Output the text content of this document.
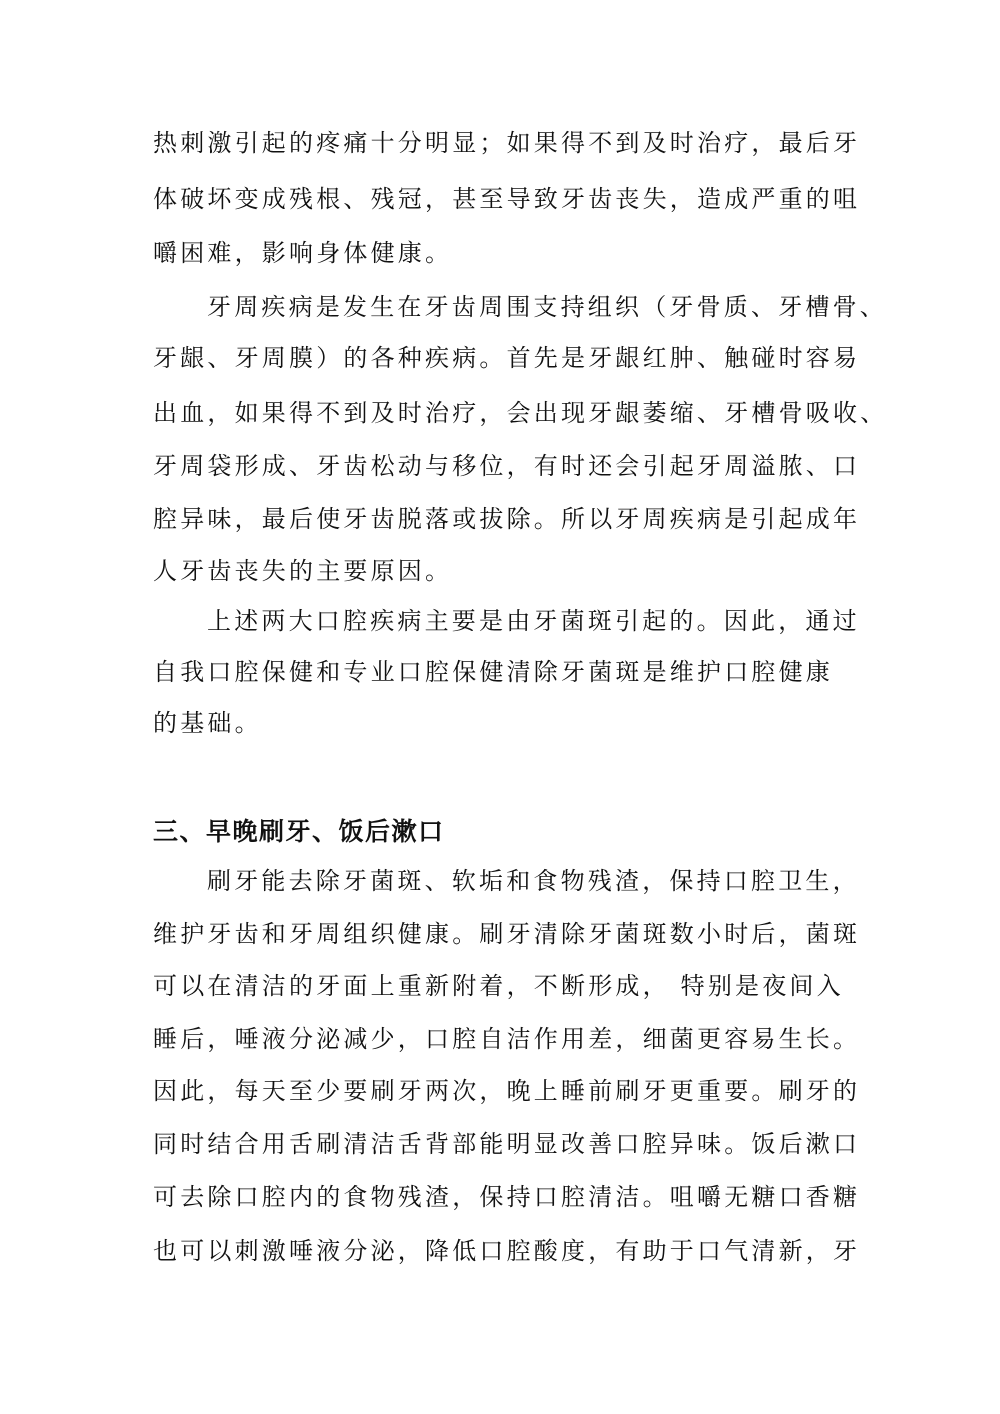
热刺激引起的疼痛十分明显；如果得不到及时治疗，最后牙
体破坏变成残根、残冠，甚至导致牙齿丧失，造成严重的咀
嚼困难，影响身体健康。
牙周疾病是发生在牙齿周围支持组织（牙骨质、牙槽骨、
牙龈、牙周膜）的各种疾病。首先是牙龈红肿、触碰时容易
出血，如果得不到及时治疗，会出现牙龈萎缩、牙槽骨吸收、
牙周袋形成、牙齿松动与移位，有时还会引起牙周溢脓、口
腔异味，最后使牙齿脱落或拔除。所以牙周疾病是引起成年
人牙齿丧失的主要原因。
上述两大口腔疾病主要是由牙菌斑引起的。因此，通过
自我口腔保健和专业口腔保健清除牙菌斑是维护口腔健康
的基础。
三、早晚刷牙、饭后漱口
刷牙能去除牙菌斑、软垢和食物残渣，保持口腔卫生，
维护牙齿和牙周组织健康。刷牙清除牙菌斑数小时后，菌斑
可以在清洁的牙面上重新附着，不断形成， 特别是夜间入
睡后，唾液分泌减少，口腔自洁作用差，细菌更容易生长。
因此，每天至少要刷牙两次，晚上睡前刷牙更重要。刷牙的
同时结合用舌刷清洁舌背部能明显改善口腔异味。饭后漱口
可去除口腔内的食物残渣，保持口腔清洁。咀嚼无糖口香糖
也可以刺激唾液分泌，降低口腔酸度，有助于口气清新，牙
